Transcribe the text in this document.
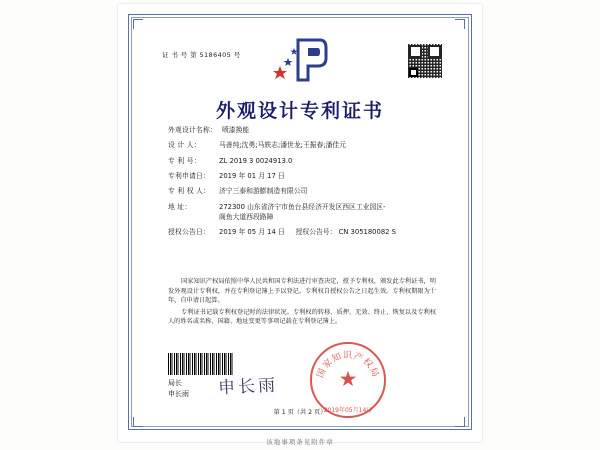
证 书 号 第 5186405 号
外观设计专利证书
外观设计名称： 喷漆换能
设 计 人：	马善纯;沈勇;马轶志;潘世龙;王振春;潘佳元
专 利 号：	ZL 2019 3 0024913.0
专利申请日：	2019 年 01 月 17 日
专 利 权 人：	济宁三泰和游膨制造有限公司
地 址：	272300 山东省济宁市鱼台县经济开发区西区工业园区-
阁鱼大道西段路障
授权公告日：	2019 年 05 月 14 日 授权公告号： CN 305180082 S

国家知识产权局依照中华人民共和国专利法进行审查决定，授予专利权，颁发此专利证书，明发外观设计专利权，并在专利登记簿上予以登记。专利权自授权公告之日起生效。专利权期限为十年，自申请日起算。

专利证书记载专利权登记时的法律状况。专利权的转移、质押、无效、终止、恢复以及专利权人的姓名或名称、国籍、地址变更等事项记载在专利登记簿上。

局长
申长雨 申长雨
国家知识产权局
★
2019年05月14日
第 1 页（共 2 页）
该地事项条见附件章
